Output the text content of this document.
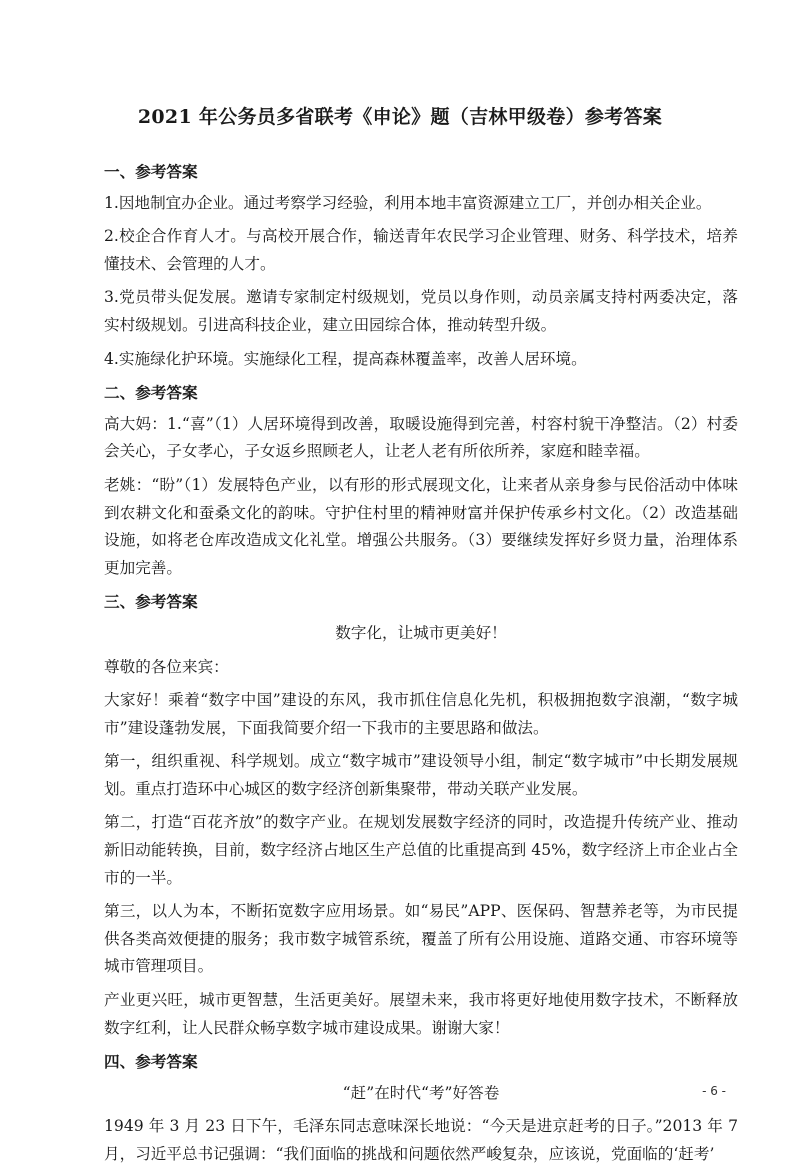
2021 年公务员多省联考《申论》题（吉林甲级卷）参考答案

一、参考答案

1.因地制宜办企业。通过考察学习经验，利用本地丰富资源建立工厂，并创办相关企业。

2.校企合作育人才。与高校开展合作，输送青年农民学习企业管理、财务、科学技术，培养懂技术、会管理的人才。

3.党员带头促发展。邀请专家制定村级规划，党员以身作则，动员亲属支持村两委决定，落实村级规划。引进高科技企业，建立田园综合体，推动转型升级。

4.实施绿化护环境。实施绿化工程，提高森林覆盖率，改善人居环境。

二、参考答案

高大妈：1.“喜”（1）人居环境得到改善，取暖设施得到完善，村容村貌干净整洁。（2）村委会关心，子女孝心，子女返乡照顾老人，让老人老有所依所养，家庭和睦幸福。

老姚：“盼”（1）发展特色产业，以有形的形式展现文化，让来者从亲身参与民俗活动中体味到农耕文化和蚕桑文化的韵味。守护住村里的精神财富并保护传承乡村文化。（2）改造基础设施，如将老仓库改造成文化礼堂。增强公共服务。（3）要继续发挥好乡贤力量，治理体系更加完善。

三、参考答案

数字化，让城市更美好！

尊敬的各位来宾：

大家好！乘着“数字中国”建设的东风，我市抓住信息化先机，积极拥抱数字浪潮，“数字城市”建设蓬勃发展，下面我简要介绍一下我市的主要思路和做法。

第一，组织重视、科学规划。成立“数字城市”建设领导小组，制定“数字城市”中长期发展规划。重点打造环中心城区的数字经济创新集聚带，带动关联产业发展。

第二，打造“百花齐放”的数字产业。在规划发展数字经济的同时，改造提升传统产业、推动新旧动能转换，目前，数字经济占地区生产总值的比重提高到 45%，数字经济上市企业占全市的一半。

第三，以人为本，不断拓宽数字应用场景。如“易民”APP、医保码、智慧养老等，为市民提供各类高效便捷的服务；我市数字城管系统，覆盖了所有公用设施、道路交通、市容环境等城市管理项目。

产业更兴旺，城市更智慧，生活更美好。展望未来，我市将更好地使用数字技术，不断释放数字红利，让人民群众畅享数字城市建设成果。谢谢大家！

四、参考答案

“赶”在时代“考”好答卷

1949 年 3 月 23 日下午，毛泽东同志意味深长地说：“今天是进京赶考的日子。”2013 年 7 月，习近平总书记强调：“我们面临的挑战和问题依然严峻复杂，应该说，党面临的‘赶考’

- 6 -
